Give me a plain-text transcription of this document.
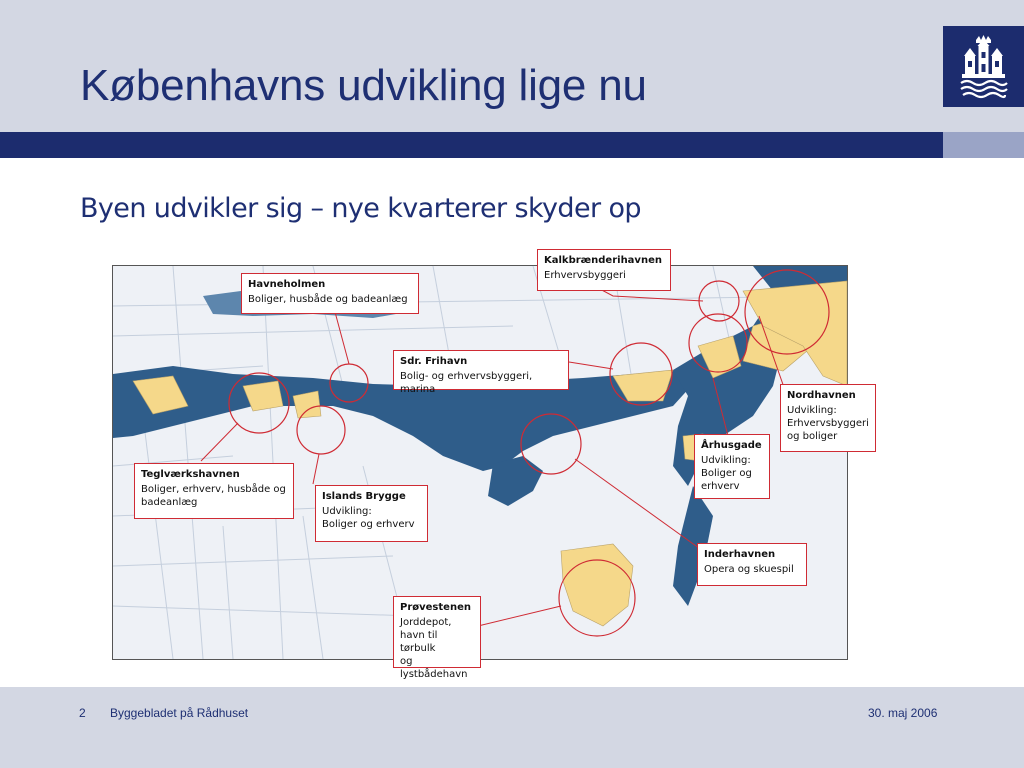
Københavns udvikling lige nu
Byen udvikler sig – nye kvarterer skyder op
Havneholmen
Boliger, husbåde og badeanlæg
Kalkbrænderihavnen
Erhvervsbyggeri
Sdr. Frihavn
Bolig- og erhvervsbyggeri, marina
Nordhavnen
Udvikling:
Erhvervsbyggeri
og boliger
Århusgade
Udvikling:
Boliger og
erhverv
Teglværkshavnen
Boliger, erhverv, husbåde og
badeanlæg
Islands Brygge
Udvikling:
Boliger og erhverv
Inderhavnen
Opera og skuespil
Prøvestenen
Jorddepot,
havn til tørbulk
og lystbådehavn
2 Byggebladet på Rådhuset	30. maj 2006
